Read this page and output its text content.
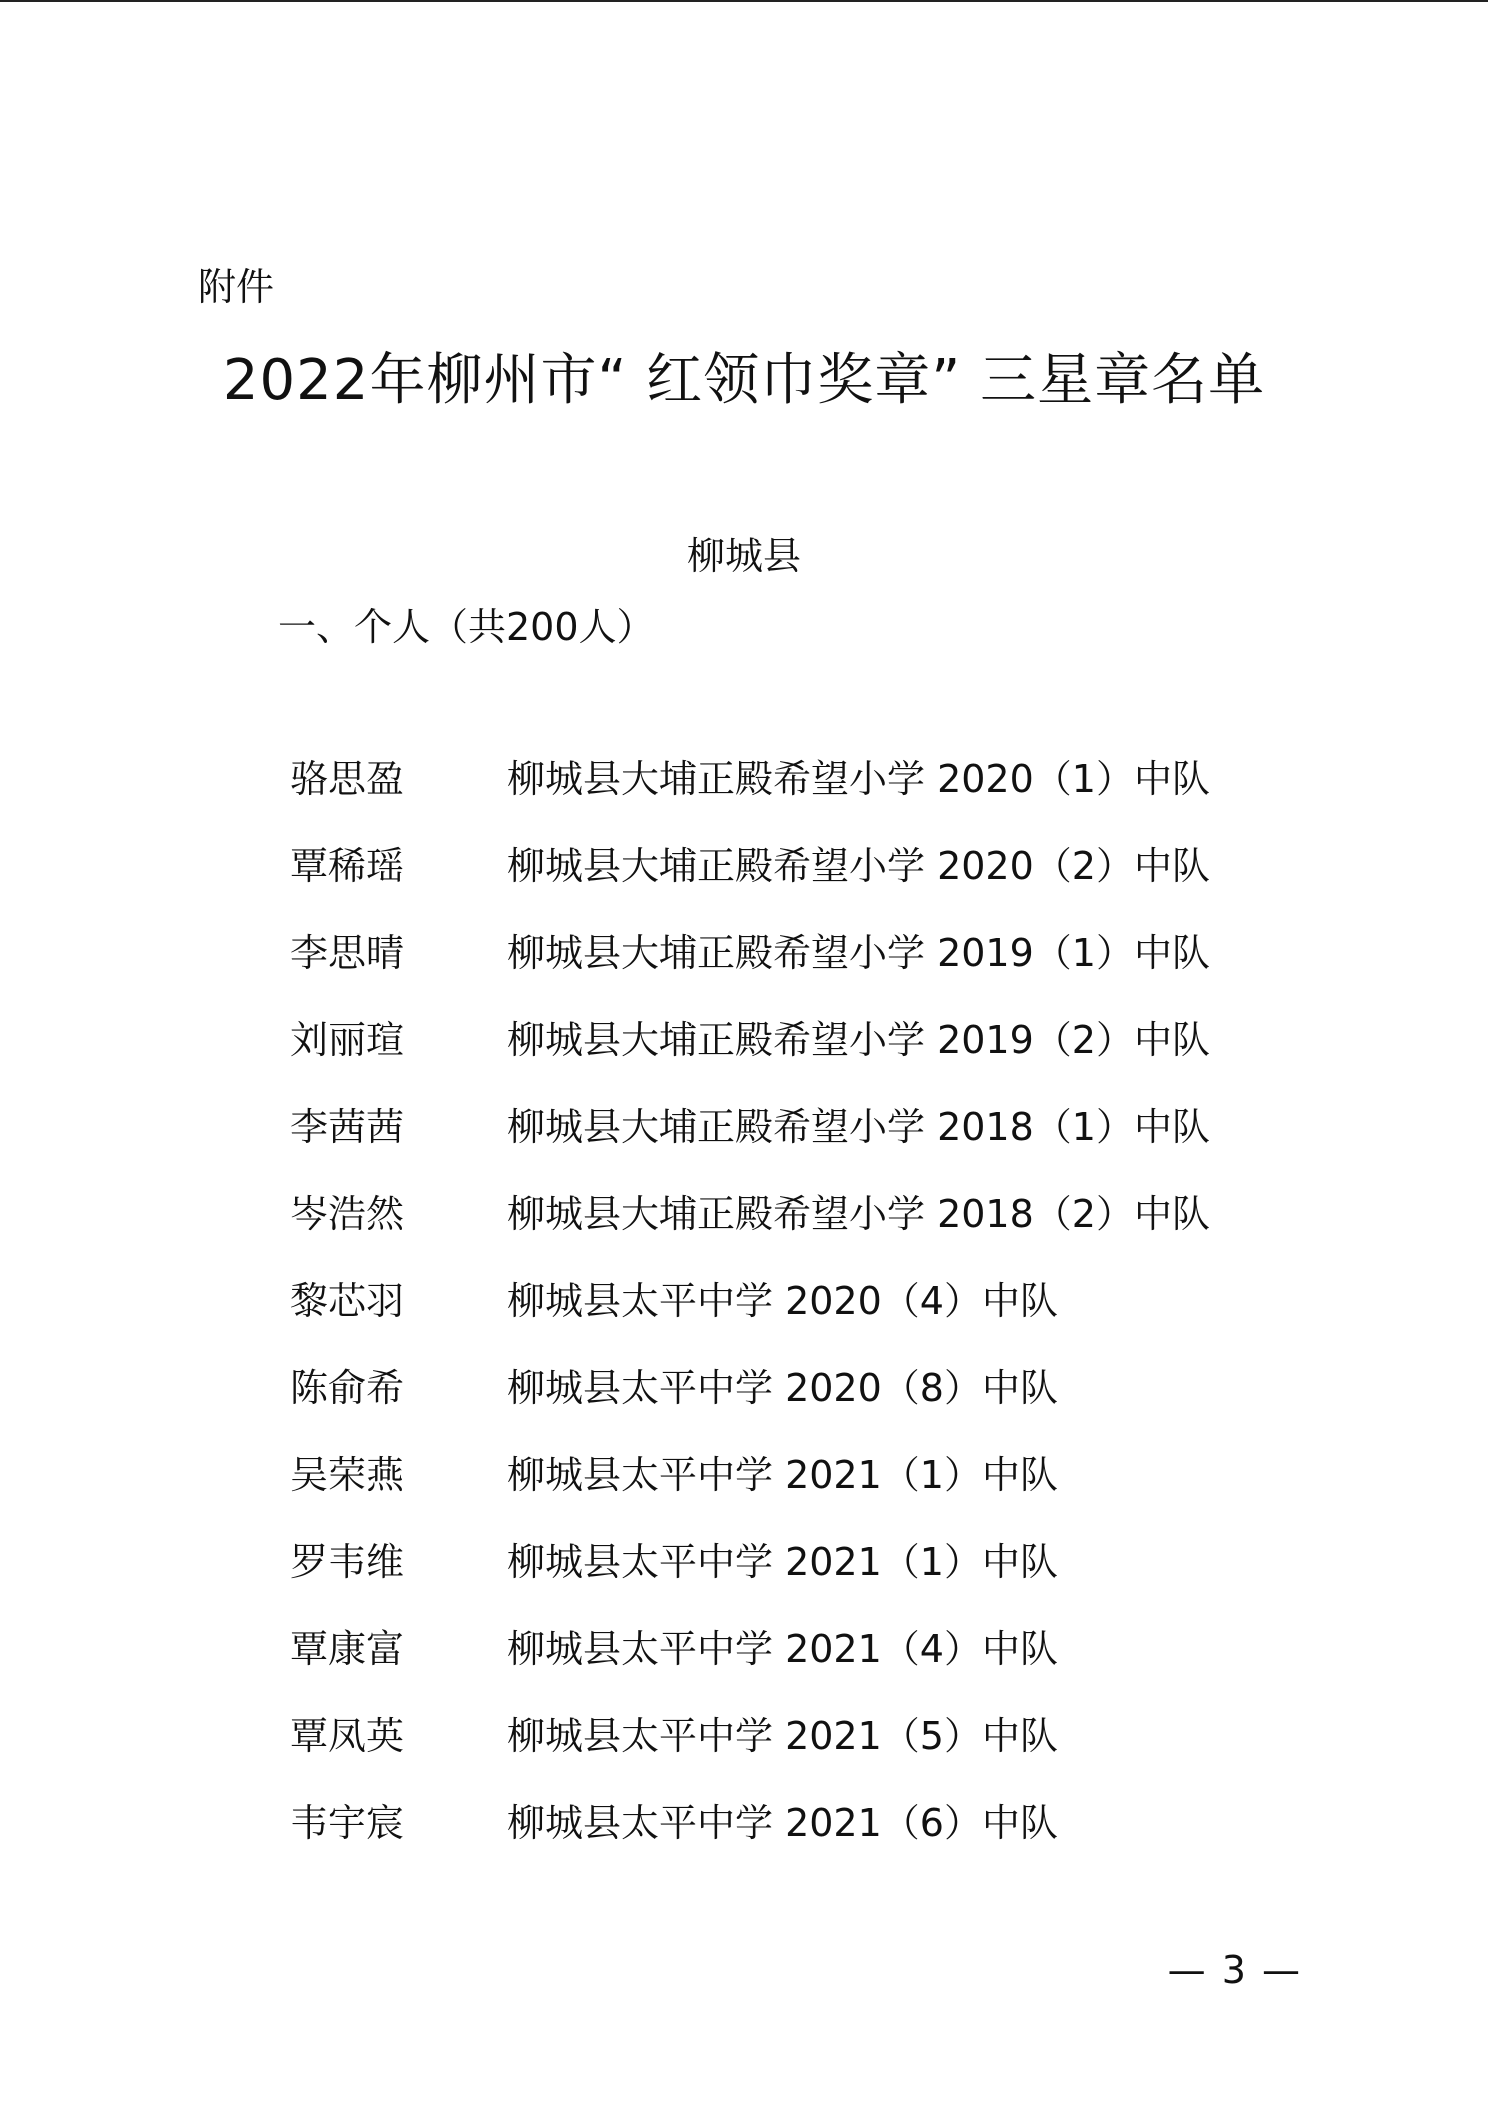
附件
2022年柳州市“ 红领巾奖章” 三星章名单
柳城县
一、个人（共200人）
骆思盈	柳城县大埔正殿希望小学 2020（1）中队
覃稀瑶	柳城县大埔正殿希望小学 2020（2）中队
李思晴	柳城县大埔正殿希望小学 2019（1）中队
刘丽瑄	柳城县大埔正殿希望小学 2019（2）中队
李茜茜	柳城县大埔正殿希望小学 2018（1）中队
岑浩然	柳城县大埔正殿希望小学 2018（2）中队
黎芯羽	柳城县太平中学 2020（4）中队
陈俞希	柳城县太平中学 2020（8）中队
吴荣燕	柳城县太平中学 2021（1）中队
罗韦维	柳城县太平中学 2021（1）中队
覃康富	柳城县太平中学 2021（4）中队
覃凤英	柳城县太平中学 2021（5）中队
韦宇宸	柳城县太平中学 2021（6）中队
— 3 —
